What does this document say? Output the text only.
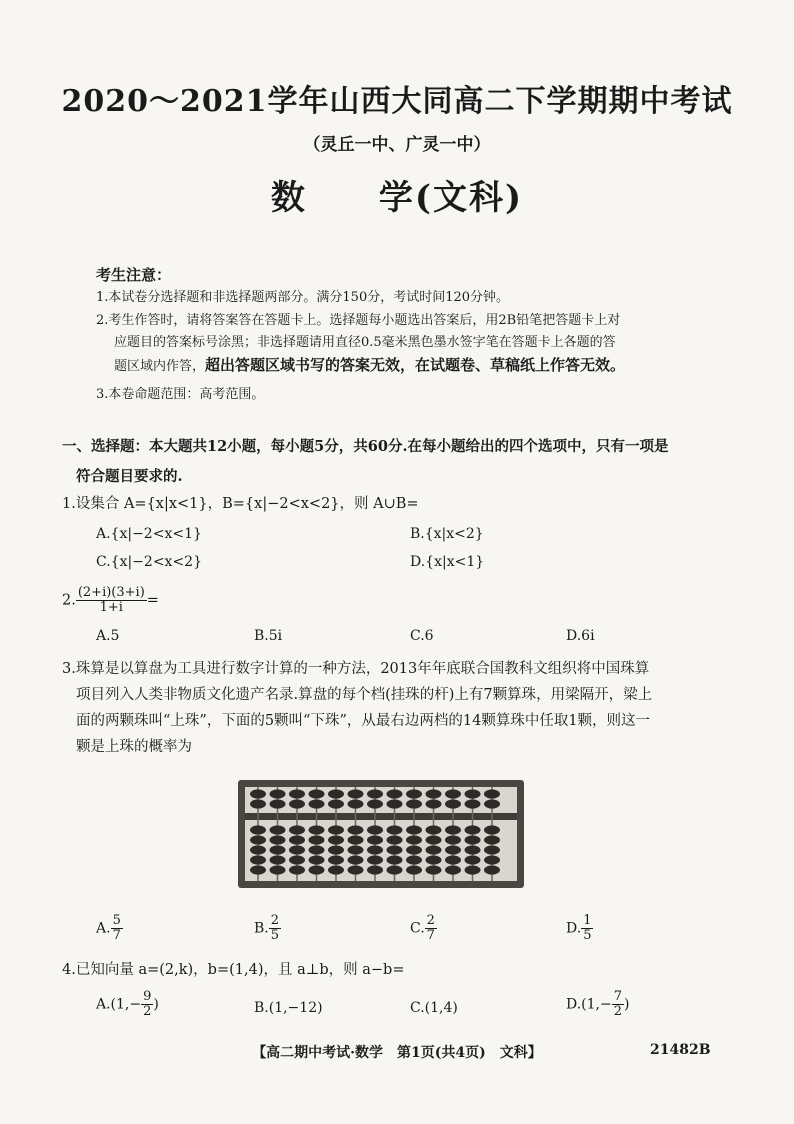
2020～2021学年山西大同高二下学期期中考试
（灵丘一中、广灵一中）
数　　学(文科)
考生注意：
1.本试卷分选择题和非选择题两部分。满分150分，考试时间120分钟。
2.考生作答时，请将答案答在答题卡上。选择题每小题选出答案后，用2B铅笔把答题卡上对
应题目的答案标号涂黑；非选择题请用直径0.5毫米黑色墨水签字笔在答题卡上各题的答
题区域内作答，超出答题区域书写的答案无效，在试题卷、草稿纸上作答无效。
3.本卷命题范围：高考范围。
一、选择题：本大题共12小题，每小题5分，共60分.在每小题给出的四个选项中，只有一项是
符合题目要求的.
1.设集合 A={x|x<1}，B={x|−2<x<2}，则 A∪B=
A.{x|−2<x<1}	B.{x|x<2}
C.{x|−2<x<2}	D.{x|x<1}
2. $\frac{(2+i)(3+i)}{1+i}$ =
A.5	B.5i	C.6	D.6i
3.珠算是以算盘为工具进行数字计算的一种方法，2013年年底联合国教科文组织将中国珠算
项目列入人类非物质文化遗产名录.算盘的每个档(挂珠的杆)上有7颗算珠，用梁隔开，梁上
面的两颗珠叫“上珠”，下面的5颗叫“下珠”，从最右边两档的14颗算珠中任取1颗，则这一
颗是上珠的概率为
A. $\frac{5}{7}$	B. $\frac{2}{5}$	C. $\frac{2}{7}$	D. $\frac{1}{5}$
4.已知向量 a=(2,k)，b=(1,4)，且 a⊥b，则 a−b=
$A.(1,- \frac{9}{2}$ )	B.(1,−12)	C.(1,4)	$D.(1,- \frac{7}{2}$ )
【高二期中考试·数学　第1页(共4页)　文科】	21482B
